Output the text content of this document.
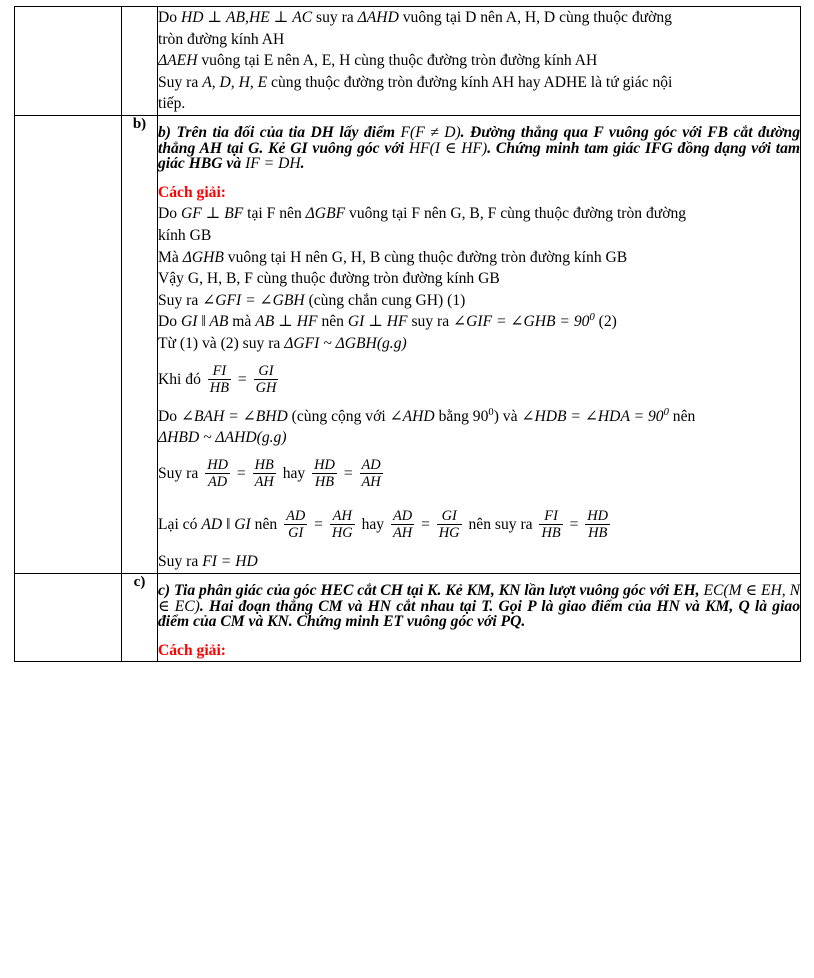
		Do HD ⊥ AB,HE ⊥ AC suy ra ΔAHD vuông tại D nên A, H, D cùng thuộc đường
tròn đường kính AH
ΔAEH vuông tại E nên A, E, H cùng thuộc đường tròn đường kính AH
Suy ra A, D, H, E cùng thuộc đường tròn đường kính AH hay ADHE là tứ giác nội
tiếp.

	b)	b) Trên tia đối của tia DH lấy điểm F(F ≠ D). Đường thẳng qua F vuông góc với FB cắt đường thẳng AH tại G. Kẻ GI vuông góc với HF(I ∈ HF). Chứng minh tam giác IFG đồng dạng với tam giác HBG và IF = DH.
Cách giải:
Do GF ⊥ BF tại F nên ΔGBF vuông tại F nên G, B, F cùng thuộc đường tròn đường
kính GB
Mà ΔGHB vuông tại H nên G, H, B cùng thuộc đường tròn đường kính GB
Vậy G, H, B, F cùng thuộc đường tròn đường kính GB
Suy ra ∠GFI = ∠GBH (cùng chắn cung GH) (1)
Do GI ‖ AB mà AB ⊥ HF nên GI ⊥ HF suy ra ∠GIF = ∠GHB = $90^0$ (2)
Từ (1) và (2) suy ra ΔGFI ~ ΔGBH(g.g)
Khi đó $\frac{FI}{HB} = \frac{GI}{GH}$
Do ∠BAH = ∠BHD (cùng cộng với ∠AHD bằng $90^0$) và ∠HDB = ∠HDA = $90^0$ nên
ΔHBD ~ ΔAHD(g.g)
Suy ra $\frac{HD}{AD} = \frac{HB}{AH}$ hay $\frac{HD}{HB} = \frac{AD}{AH}$
Lại có AD ‖ GI nên $\frac{AD}{GI} = \frac{AH}{HG}$ hay $\frac{AD}{AH} = \frac{GI}{HG}$ nên suy ra $\frac{FI}{HB} = \frac{HD}{HB}$
Suy ra FI = HD

	c)	c) Tia phân giác của góc HEC cắt CH tại K. Kẻ KM, KN lần lượt vuông góc với EH, EC(M ∈ EH, N ∈ EC). Hai đoạn thẳng CM và HN cắt nhau tại T. Gọi P là giao điểm của HN và KM, Q là giao điểm của CM và KN. Chứng minh ET vuông góc với PQ.
Cách giải:
